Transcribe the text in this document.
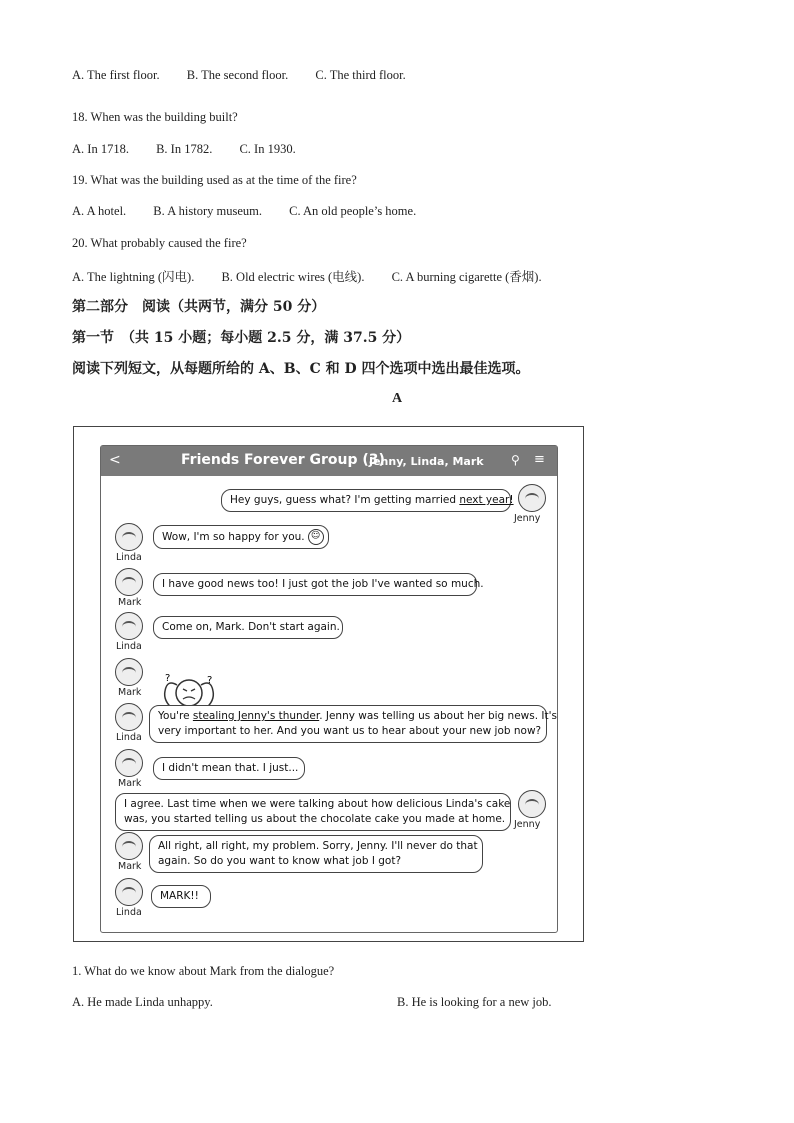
A. The first floor. B. The second floor. C. The third floor.
18. When was the building built?
A. In 1718. B. In 1782. C. In 1930.
19. What was the building used as at the time of the fire?
A. A hotel. B. A history museum. C. An old people’s home.
20. What probably caused the fire?
A. The lightning (闪电). B. Old electric wires (电线). C. A burning cigarette (香烟).
第二部分　阅读（共两节，满分 50 分）
第一节　（共 15 小题；每小题 2.5 分，满 37.5 分）
阅读下列短文，从每题所给的 A、B、C 和 D 四个选项中选出最佳选项。
A
<	Friends Forever Group (3)
Jenny, Linda, Mark ⚲ ≡
Hey guys, guess what? I'm getting married next year!
Jenny
Linda
Wow, I'm so happy for you. ☺
Mark
I have good news too! I just got the job I've wanted so much.
Linda
Come on, Mark. Don't start again.
Mark
?
?
Linda
You're stealing Jenny's thunder. Jenny was telling us about her big news. It's
very important to her. And you want us to hear about your new job now?
Mark
I didn't mean that. I just...
I agree. Last time when we were talking about how delicious Linda's cake
was, you started telling us about the chocolate cake you made at home. Jenny
Mark
All right, all right, my problem. Sorry, Jenny. I'll never do that
again. So do you want to know what job I got?
Linda
MARK!!
1. What do we know about Mark from the dialogue?
A. He made Linda unhappy.	B. He is looking for a new job.
